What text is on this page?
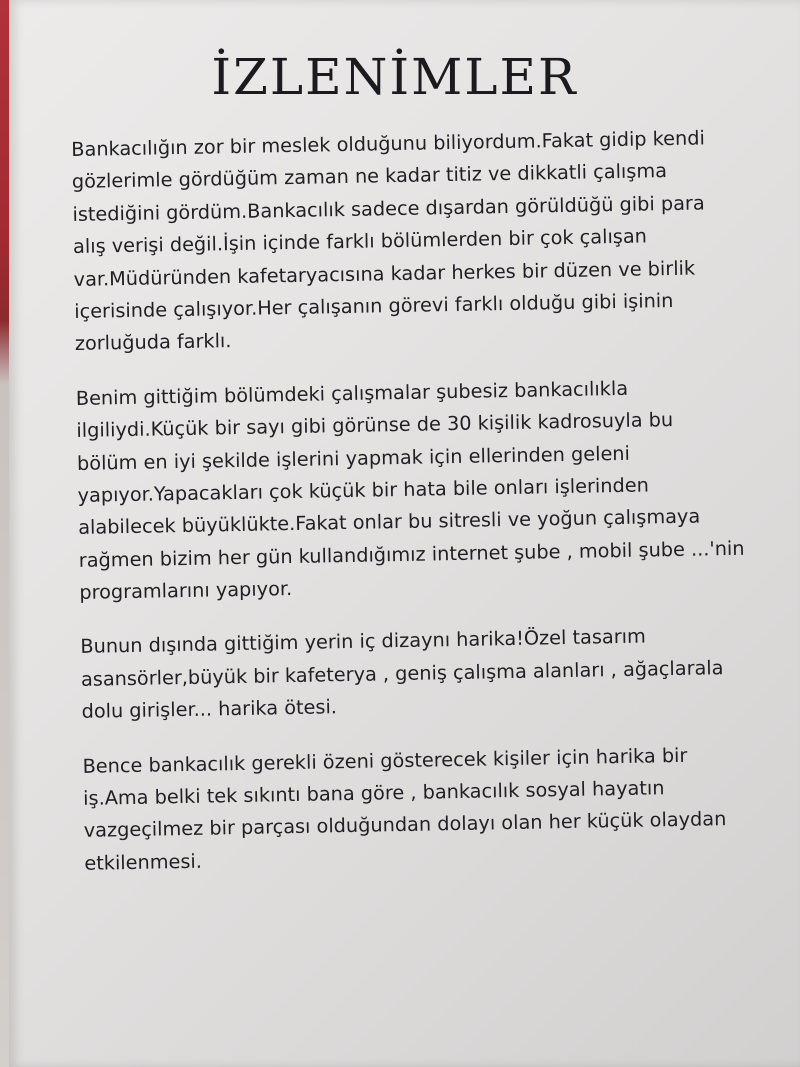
İZLENİMLER
Bankacılığın zor bir meslek olduğunu biliyordum.Fakat gidip kendi
gözlerimle gördüğüm zaman ne kadar titiz ve dikkatli çalışma
istediğini gördüm.Bankacılık sadece dışardan görüldüğü gibi para
alış verişi değil.İşin içinde farklı bölümlerden bir çok çalışan
var.Müdüründen kafetaryacısına kadar herkes bir düzen ve birlik
içerisinde çalışıyor.Her çalışanın görevi farklı olduğu gibi işinin
zorluğuda farklı.
Benim gittiğim bölümdeki çalışmalar şubesiz bankacılıkla
ilgiliydi.Küçük bir sayı gibi görünse de 30 kişilik kadrosuyla bu
bölüm en iyi şekilde işlerini yapmak için ellerinden geleni
yapıyor.Yapacakları çok küçük bir hata bile onları işlerinden
alabilecek büyüklükte.Fakat onlar bu sitresli ve yoğun çalışmaya
rağmen bizim her gün kullandığımız internet şube , mobil şube ...'nin
programlarını yapıyor.
Bunun dışında gittiğim yerin iç dizaynı harika!Özel tasarım
asansörler,büyük bir kafeterya , geniş çalışma alanları , ağaçlarala
dolu girişler... harika ötesi.
Bence bankacılık gerekli özeni gösterecek kişiler için harika bir
iş.Ama belki tek sıkıntı bana göre , bankacılık sosyal hayatın
vazgeçilmez bir parçası olduğundan dolayı olan her küçük olaydan
etkilenmesi.
